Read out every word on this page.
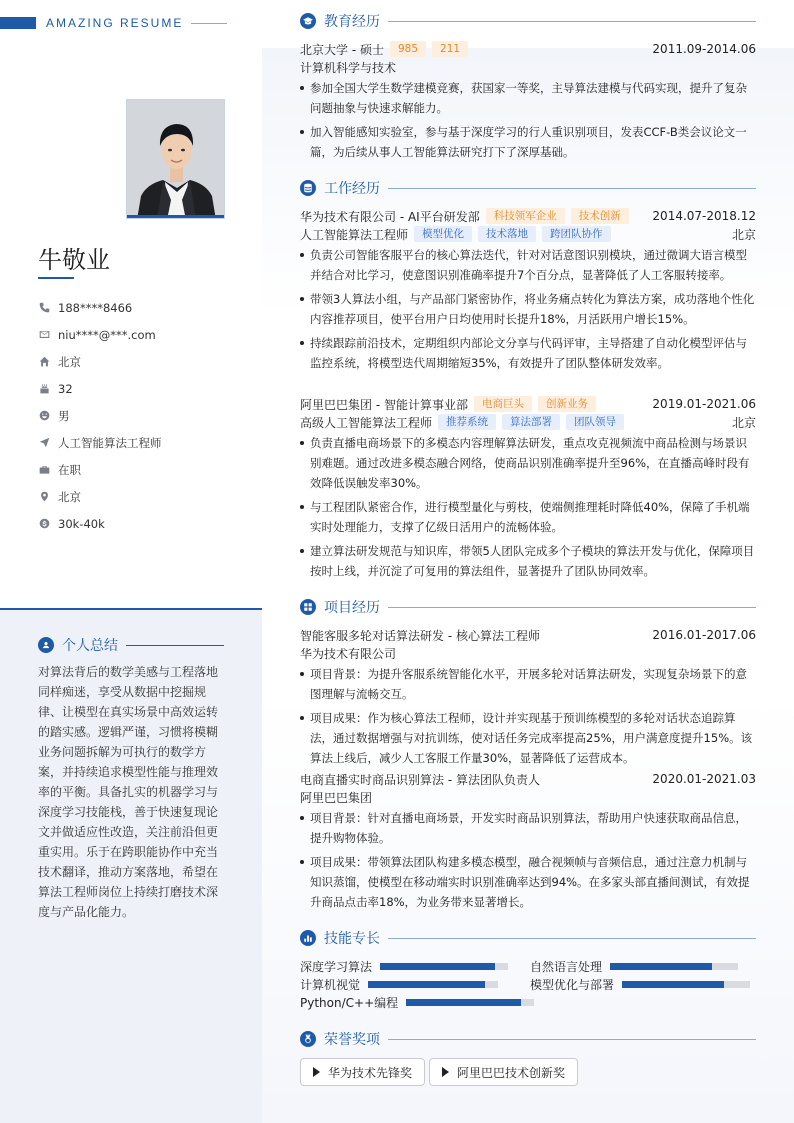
AMAZING RESUME
牛敬业
188****8466
niu****@***.com
北京
32
男
人工智能算法工程师
在职
北京
30k-40k
个人总结
对算法背后的数学美感与工程落地同样痴迷，享受从数据中挖掘规律、让模型在真实场景中高效运转的踏实感。逻辑严谨，习惯将模糊业务问题拆解为可执行的数学方案，并持续追求模型性能与推理效率的平衡。具备扎实的机器学习与深度学习技能栈，善于快速复现论文并做适应性改造，关注前沿但更重实用。乐于在跨职能协作中充当技术翻译，推动方案落地，希望在算法工程师岗位上持续打磨技术深度与产品化能力。
教育经历
北京大学 - 硕士	985	211	2011.09-2014.06
计算机科学与技术
参加全国大学生数学建模竞赛，获国家一等奖，主导算法建模与代码实现，提升了复杂问题抽象与快速求解能力。
加入智能感知实验室，参与基于深度学习的行人重识别项目，发表CCF-B类会议论文一篇，为后续从事人工智能算法研究打下了深厚基础。
工作经历
华为技术有限公司 - AI平台研发部	科技领军企业	技术创新	2014.07-2018.12
人工智能算法工程师	模型优化	技术落地	跨团队协作	北京
负责公司智能客服平台的核心算法迭代，针对对话意图识别模块，通过微调大语言模型并结合对比学习，使意图识别准确率提升7个百分点，显著降低了人工客服转接率。
带领3人算法小组，与产品部门紧密协作，将业务痛点转化为算法方案，成功落地个性化内容推荐项目，使平台用户日均使用时长提升18%，月活跃用户增长15%。
持续跟踪前沿技术，定期组织内部论文分享与代码评审，主导搭建了自动化模型评估与监控系统，将模型迭代周期缩短35%，有效提升了团队整体研发效率。
阿里巴巴集团 - 智能计算事业部	电商巨头	创新业务	2019.01-2021.06
高级人工智能算法工程师	推荐系统	算法部署	团队领导	北京
负责直播电商场景下的多模态内容理解算法研发，重点攻克视频流中商品检测与场景识别难题。通过改进多模态融合网络，使商品识别准确率提升至96%，在直播高峰时段有效降低误触发率30%。
与工程团队紧密合作，进行模型量化与剪枝，使端侧推理耗时降低40%，保障了手机端实时处理能力，支撑了亿级日活用户的流畅体验。
建立算法研发规范与知识库，带领5人团队完成多个子模块的算法开发与优化，保障项目按时上线，并沉淀了可复用的算法组件，显著提升了团队协同效率。
项目经历
智能客服多轮对话算法研发 - 核心算法工程师	2016.01-2017.06
华为技术有限公司
项目背景：为提升客服系统智能化水平，开展多轮对话算法研发，实现复杂场景下的意图理解与流畅交互。
项目成果：作为核心算法工程师，设计并实现基于预训练模型的多轮对话状态追踪算法，通过数据增强与对抗训练，使对话任务完成率提高25%，用户满意度提升15%。该算法上线后，减少人工客服工作量30%，显著降低了运营成本。
电商直播实时商品识别算法 - 算法团队负责人	2020.01-2021.03
阿里巴巴集团
项目背景：针对直播电商场景，开发实时商品识别算法，帮助用户快速获取商品信息，提升购物体验。
项目成果：带领算法团队构建多模态模型，融合视频帧与音频信息，通过注意力机制与知识蒸馏，使模型在移动端实时识别准确率达到94%。在多家头部直播间测试，有效提升商品点击率18%，为业务带来显著增长。
技能专长
深度学习算法	自然语言处理
计算机视觉	模型优化与部署
Python/C++编程
荣誉奖项
华为技术先锋奖	阿里巴巴技术创新奖
